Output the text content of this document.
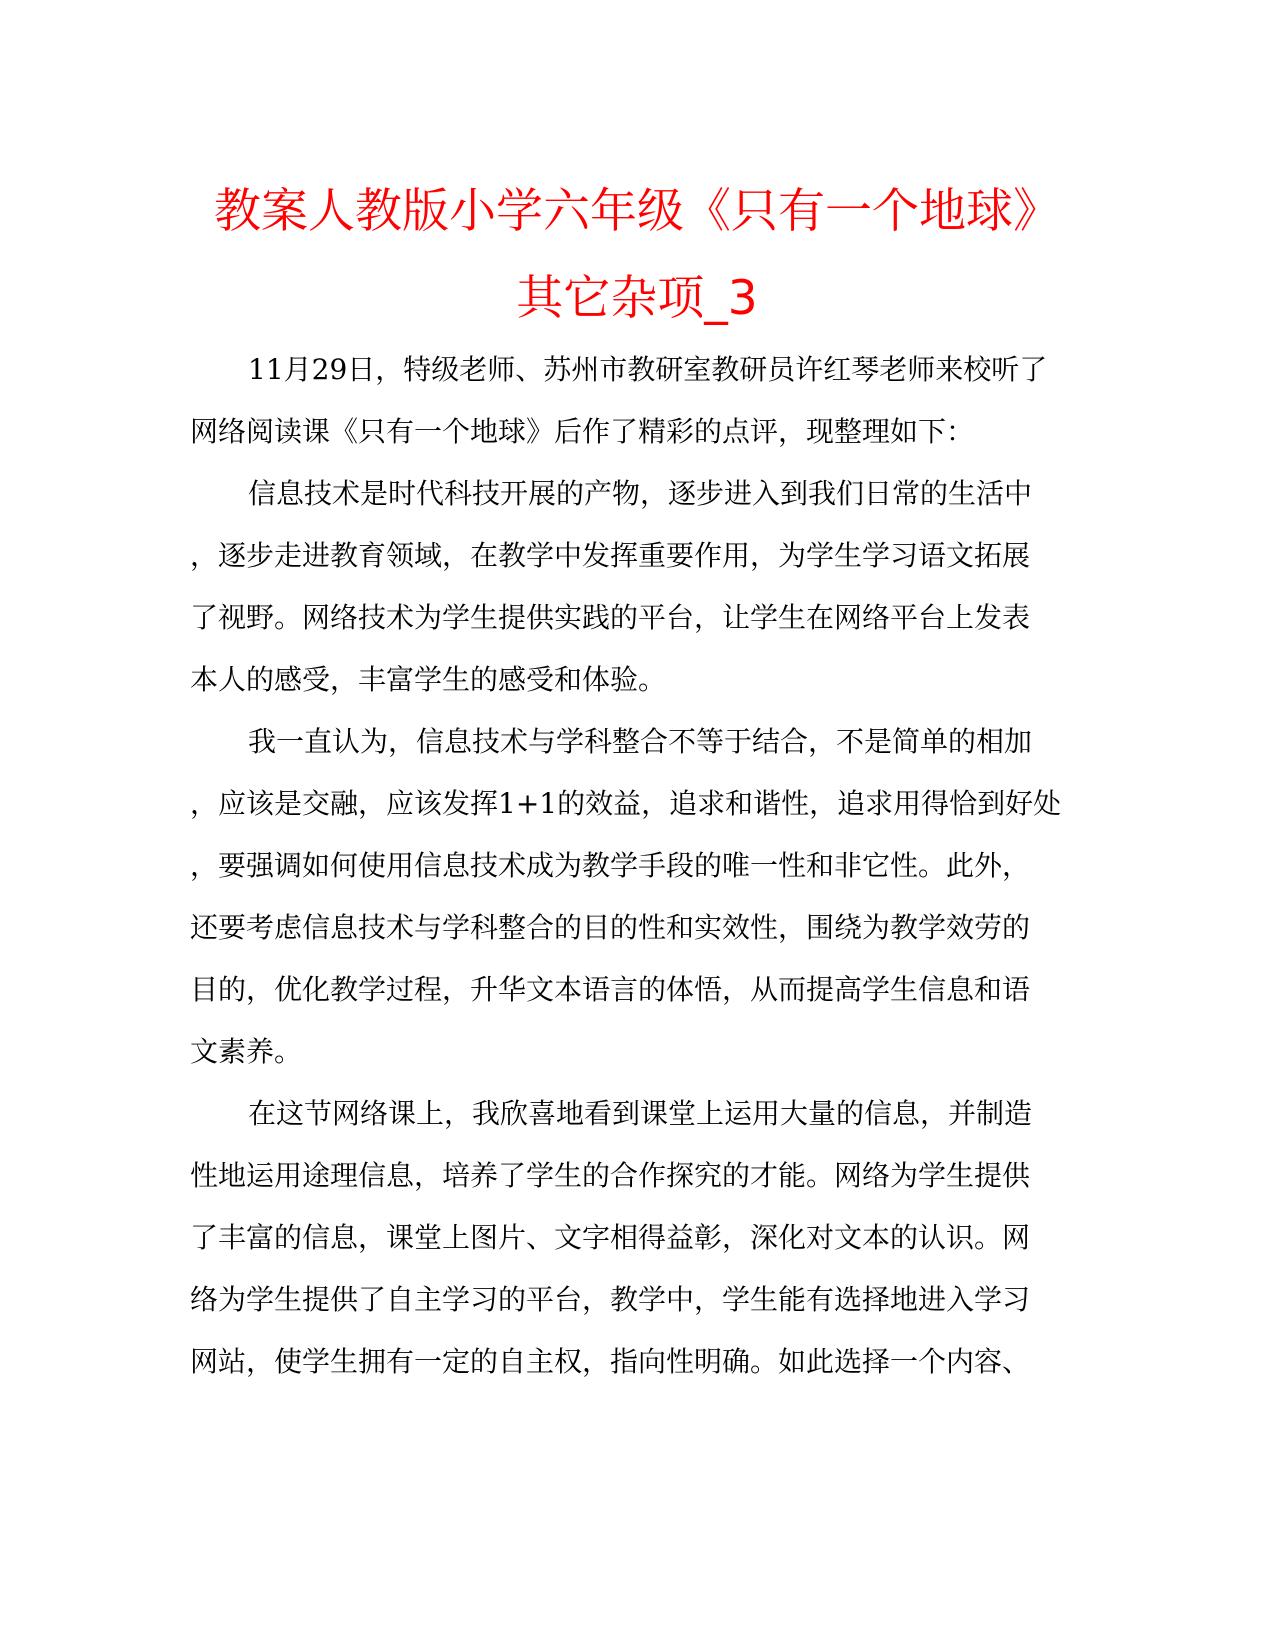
教案人教版小学六年级《只有一个地球》
其它杂项_3
11月29日，特级老师、苏州市教研室教研员许红琴老师来校听了
网络阅读课《只有一个地球》后作了精彩的点评，现整理如下：
信息技术是时代科技开展的产物，逐步进入到我们日常的生活中
，逐步走进教育领域，在教学中发挥重要作用，为学生学习语文拓展
了视野。网络技术为学生提供实践的平台，让学生在网络平台上发表
本人的感受，丰富学生的感受和体验。
我一直认为，信息技术与学科整合不等于结合，不是简单的相加
，应该是交融，应该发挥1+1的效益，追求和谐性，追求用得恰到好处
，要强调如何使用信息技术成为教学手段的唯一性和非它性。此外，
还要考虑信息技术与学科整合的目的性和实效性，围绕为教学效劳的
目的，优化教学过程，升华文本语言的体悟，从而提高学生信息和语
文素养。
在这节网络课上，我欣喜地看到课堂上运用大量的信息，并制造
性地运用途理信息，培养了学生的合作探究的才能。网络为学生提供
了丰富的信息，课堂上图片、文字相得益彰，深化对文本的认识。网
络为学生提供了自主学习的平台，教学中，学生能有选择地进入学习
网站，使学生拥有一定的自主权，指向性明确。如此选择一个内容、
